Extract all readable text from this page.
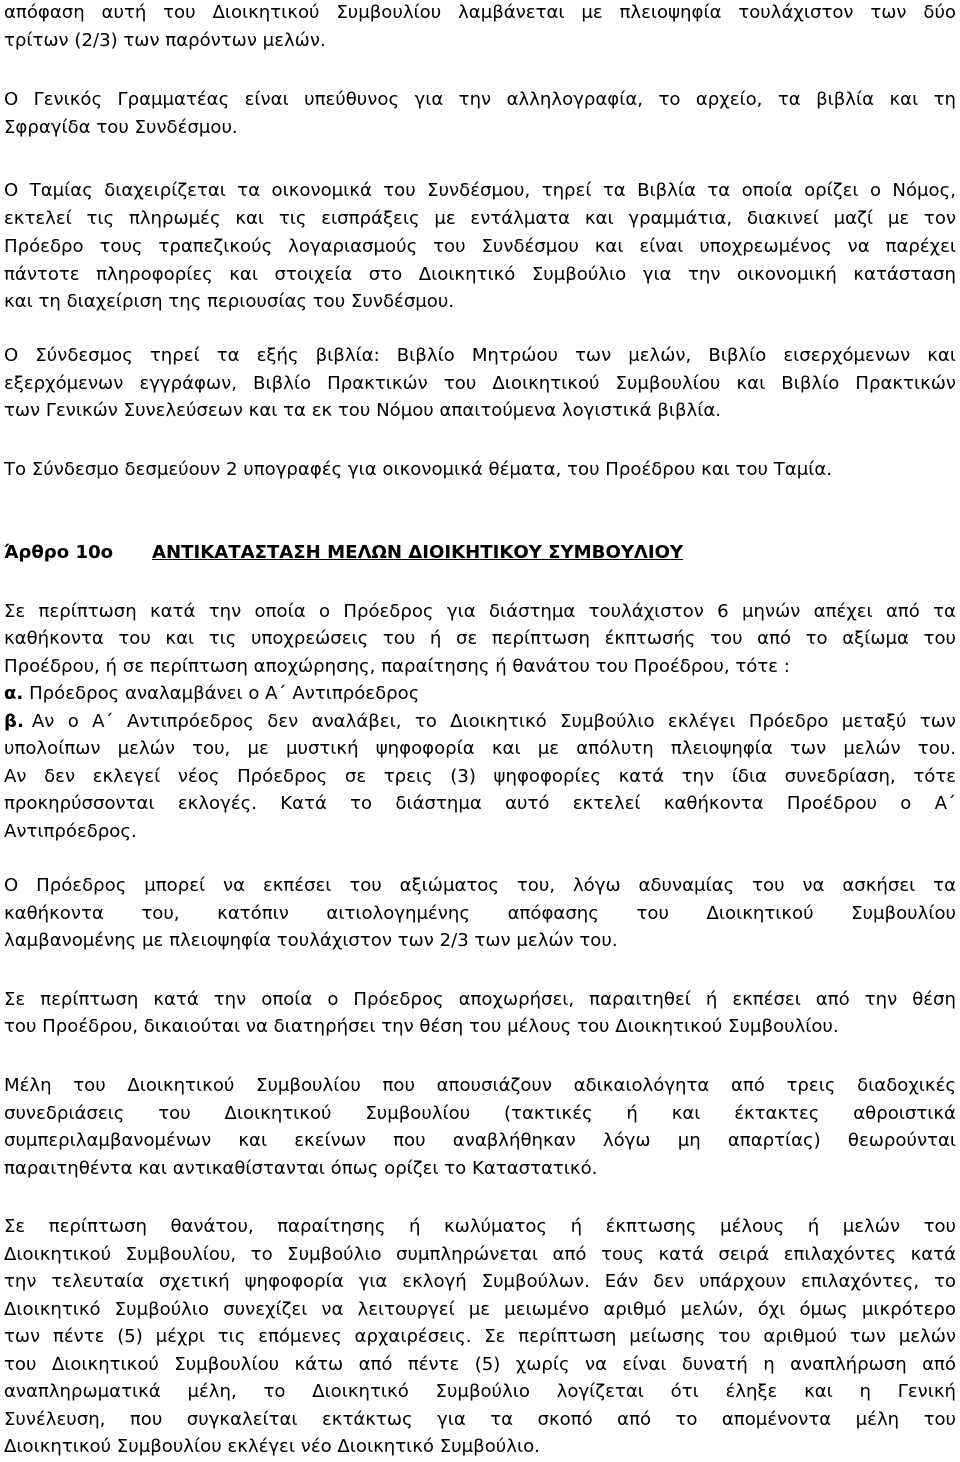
απόφαση αυτή του Διοικητικού Συμβουλίου λαμβάνεται με πλειοψηφία τουλάχιστον των δύο
τρίτων (2/3) των παρόντων μελών.
Ο Γενικός Γραμματέας είναι υπεύθυνος για την αλληλογραφία, το αρχείο, τα βιβλία και τη
Σφραγίδα του Συνδέσμου.
Ο Ταμίας διαχειρίζεται τα οικονομικά του Συνδέσμου, τηρεί τα Βιβλία τα οποία ορίζει ο Νόμος,
εκτελεί τις πληρωμές και τις εισπράξεις με εντάλματα και γραμμάτια, διακινεί μαζί με τον
Πρόεδρο τους τραπεζικούς λογαριασμούς του Συνδέσμου και είναι υποχρεωμένος να παρέχει
πάντοτε πληροφορίες και στοιχεία στο Διοικητικό Συμβούλιο για την οικονομική κατάσταση
και τη διαχείριση της περιουσίας του Συνδέσμου.
Ο Σύνδεσμος τηρεί τα εξής βιβλία: Βιβλίο Μητρώου των μελών, Βιβλίο εισερχόμενων και
εξερχόμενων εγγράφων, Βιβλίο Πρακτικών του Διοικητικού Συμβουλίου και Βιβλίο Πρακτικών
των Γενικών Συνελεύσεων και τα εκ του Νόμου απαιτούμενα λογιστικά βιβλία.
Το Σύνδεσμο δεσμεύουν 2 υπογραφές για οικονομικά θέματα, του Προέδρου και του Ταμία.
Άρθρο 10ο ΑΝΤΙΚΑΤΑΣΤΑΣΗ ΜΕΛΩΝ ΔΙΟΙΚΗΤΙΚΟΥ ΣΥΜΒΟΥΛΙΟΥ
Σε περίπτωση κατά την οποία ο Πρόεδρος για διάστημα τουλάχιστον 6 μηνών απέχει από τα
καθήκοντα του και τις υποχρεώσεις του ή σε περίπτωση έκπτωσής του από το αξίωμα του
Προέδρου, ή σε περίπτωση αποχώρησης, παραίτησης ή θανάτου του Προέδρου, τότε :
α. Πρόεδρος αναλαμβάνει ο Α΄ Αντιπρόεδρος
β. Αν ο Α΄ Αντιπρόεδρος δεν αναλάβει, το Διοικητικό Συμβούλιο εκλέγει Πρόεδρο μεταξύ των
υπολοίπων μελών του, με μυστική ψηφοφορία και με απόλυτη πλειοψηφία των μελών του.
Αν δεν εκλεγεί νέος Πρόεδρος σε τρεις (3) ψηφοφορίες κατά την ίδια συνεδρίαση, τότε
προκηρύσσονται εκλογές. Κατά το διάστημα αυτό εκτελεί καθήκοντα Προέδρου ο Α΄
Αντιπρόεδρος.
Ο Πρόεδρος μπορεί να εκπέσει του αξιώματος του, λόγω αδυναμίας του να ασκήσει τα
καθήκοντα του, κατόπιν αιτιολογημένης απόφασης του Διοικητικού Συμβουλίου
λαμβανομένης με πλειοψηφία τουλάχιστον των 2/3 των μελών του.
Σε περίπτωση κατά την οποία ο Πρόεδρος αποχωρήσει, παραιτηθεί ή εκπέσει από την θέση
του Προέδρου, δικαιούται να διατηρήσει την θέση του μέλους του Διοικητικού Συμβουλίου.
Μέλη του Διοικητικού Συμβουλίου που απουσιάζουν αδικαιολόγητα από τρεις διαδοχικές
συνεδριάσεις του Διοικητικού Συμβουλίου (τακτικές ή και έκτακτες αθροιστικά
συμπεριλαμβανομένων και εκείνων που αναβλήθηκαν λόγω μη απαρτίας) θεωρούνται
παραιτηθέντα και αντικαθίστανται όπως ορίζει το Καταστατικό.
Σε περίπτωση θανάτου, παραίτησης ή κωλύματος ή έκπτωσης μέλους ή μελών του
Διοικητικού Συμβουλίου, το Συμβούλιο συμπληρώνεται από τους κατά σειρά επιλαχόντες κατά
την τελευταία σχετική ψηφοφορία για εκλογή Συμβούλων. Εάν δεν υπάρχουν επιλαχόντες, το
Διοικητικό Συμβούλιο συνεχίζει να λειτουργεί με μειωμένο αριθμό μελών, όχι όμως μικρότερο
των πέντε (5) μέχρι τις επόμενες αρχαιρέσεις. Σε περίπτωση μείωσης του αριθμού των μελών
του Διοικητικού Συμβουλίου κάτω από πέντε (5) χωρίς να είναι δυνατή η αναπλήρωση από
αναπληρωματικά μέλη, το Διοικητικό Συμβούλιο λογίζεται ότι έληξε και η Γενική
Συνέλευση, που συγκαλείται εκτάκτως για τα σκοπό από το απομένοντα μέλη του
Διοικητικού Συμβουλίου εκλέγει νέο Διοικητικό Συμβούλιο.
